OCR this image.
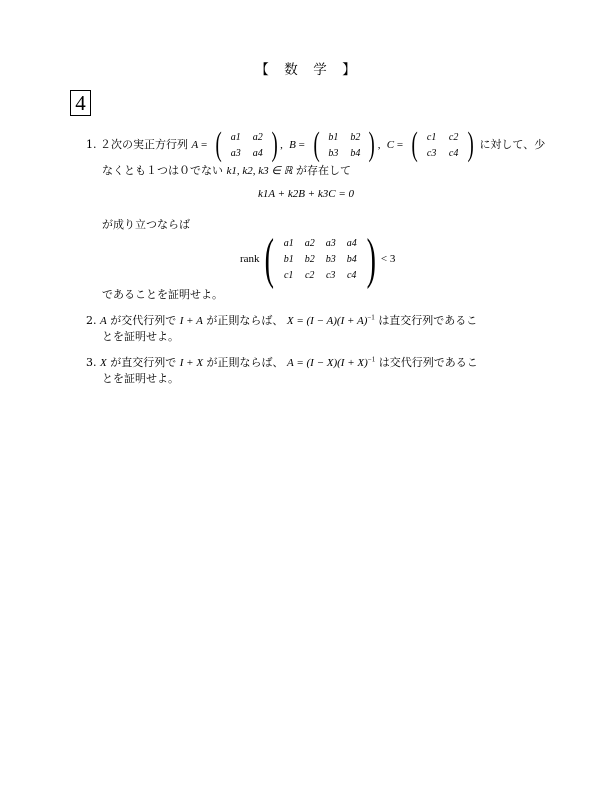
【　数　学　】
4
1. ２次の実正方行列 A = ( a1	a2
a3	a4 ) ,  B = ( b1	b2
b3	b4 ) ,  C = ( c1	c2
c3	c4 ) に対して、少
なくとも１つは０でない k1, k2, k3 ∈ ℝ が存在して
k1A + k2B + k3C = 0
が成り立つならば
rank (	a1	a2	a3	a4
b1	b2	b3	b4
c1	c2	c3	c4 ) < 3
であることを証明せよ。
2. A が交代行列で I + A が正則ならば、 $X = (I - A)(I + A)^{-1}$ は直交行列であるこ
とを証明せよ。
3. X が直交行列で I + X が正則ならば、 $A = (I - X)(I + X)^{-1}$ は交代行列であるこ
とを証明せよ。
